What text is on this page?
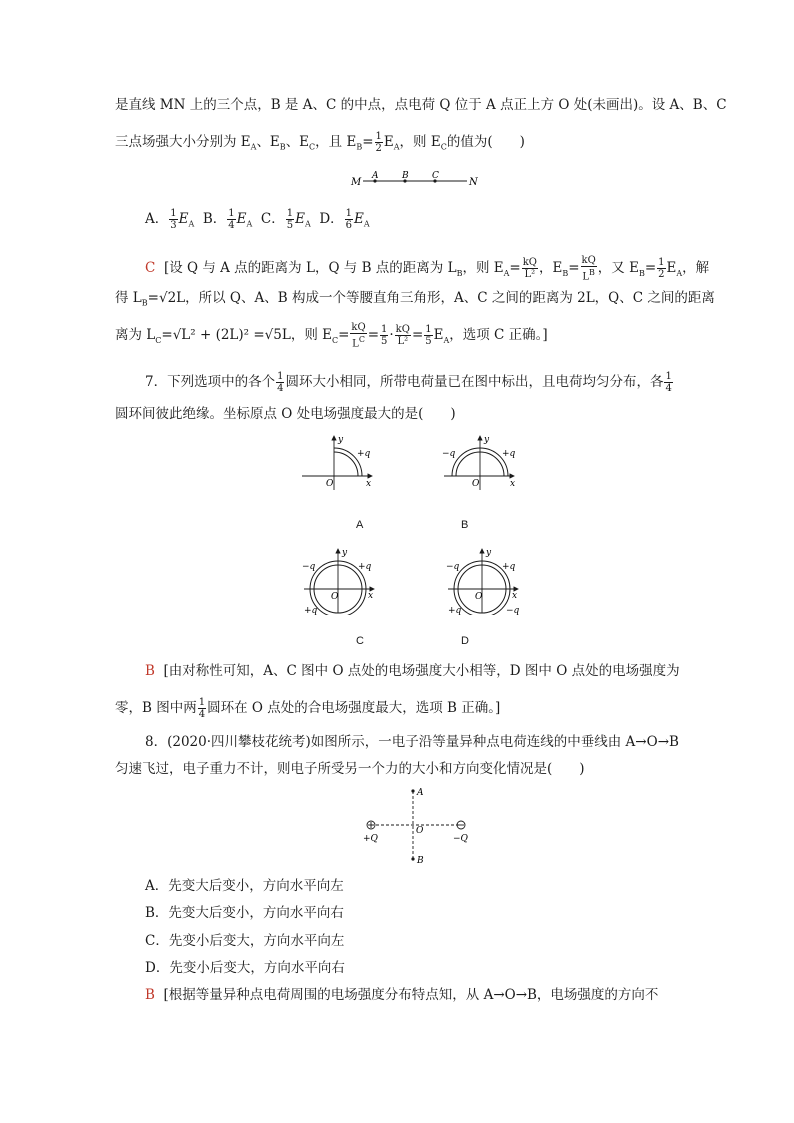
是直线 MN 上的三个点，B 是 A、C 的中点，点电荷 Q 位于 A 点正上方 O 处(未画出)。设 A、B、C
三点场强大小分别为 $E_A$、$E_B$、$E_C$，且 $E_B= \frac{1}{2} E_A$，则 $E_C$的值为(　　)
M
A	B	C
N
A． $\frac{1}{3} E_A$ B． $\frac{1}{4} E_A$ C． $\frac{1}{5} E_A$ D． $\frac{1}{6} E_A$
C [设 Q 与 A 点的距离为 L，Q 与 B 点的距离为 $L_B$，则 $E_A= \frac{kQ}{\text{L²}}$ ，$E_B= \frac{kQ}{L^B}$ ，又 $E_B= \frac{1}{2} E_A$，解
得 $L_B=√2L$，所以 Q、A、B 构成一个等腰直角三角形，A、C 之间的距离为 2L，Q、C 之间的距离
离为 $L_C=√L^2 + (2L)^2 =√5L$，则 $E_C= \frac{kQ}{L^C} = \frac{1}{5} \cdot \frac{kQ}{\text{L²}} = \frac{1}{5} E_A$，选项 C 正确。]
7．下列选项中的各个 $\frac{1}{4}$ 圆环大小相同，所带电荷量已在图中标出，且电荷均匀分布，各 $\frac{1}{4}$
圆环间彼此绝缘。坐标原点 O 处电场强度最大的是(　　)
y
x
O
+q
A
y
x
O
−q	+q
B
y
x
O
−q	+q
+q
C
y
x
O
−q	+q
+q	−q
D
B [由对称性可知，A、C 图中 O 点处的电场强度大小相等，D 图中 O 点处的电场强度为
零，B 图中两 $\frac{1}{4}$ 圆环在 O 点处的合电场强度最大，选项 B 正确。]
8．(2020·四川攀枝花统考)如图所示，一电子沿等量异种点电荷连线的中垂线由 A→O→B
匀速飞过，电子重力不计，则电子所受另一个力的大小和方向变化情况是(　　)
A
B
O
+Q	−Q
A．先变大后变小，方向水平向左
B．先变大后变小，方向水平向右
C．先变小后变大，方向水平向左
D．先变小后变大，方向水平向右
B [根据等量异种点电荷周围的电场强度分布特点知，从 A→O→B，电场强度的方向不
